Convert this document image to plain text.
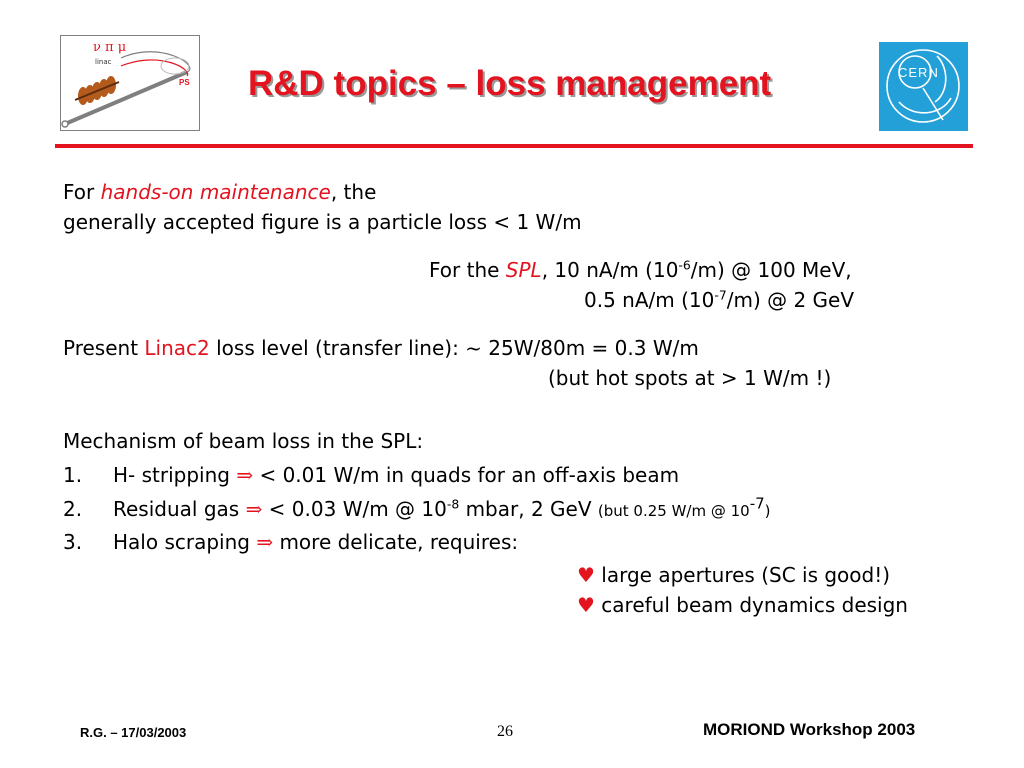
ν π μ
linac
PS R&D topics – loss management	CERN
For hands-on maintenance, the
generally accepted figure is a particle loss < 1 W/m
For the SPL, 10 nA/m $(10^{-6}/m)$ @ 100 MeV,
0.5 nA/m $(10^{-7}/m)$ @ 2 GeV
Present Linac2 loss level (transfer line): ~ 25W/80m = 0.3 W/m
(but hot spots at > 1 W/m !)
Mechanism of beam loss in the SPL:
1. H- stripping ⇒ < 0.01 W/m in quads for an off-axis beam
2. Residual gas ⇒ < 0.03 W/m @ $10^{-8}$ mbar, 2 GeV (but 0.25 W/m @ $10^{-7}$)
3. Halo scraping ⇒ more delicate, requires:
♥ large apertures (SC is good!)
♥ careful beam dynamics design
R.G. – 17/03/2003	26	MORIOND Workshop 2003
